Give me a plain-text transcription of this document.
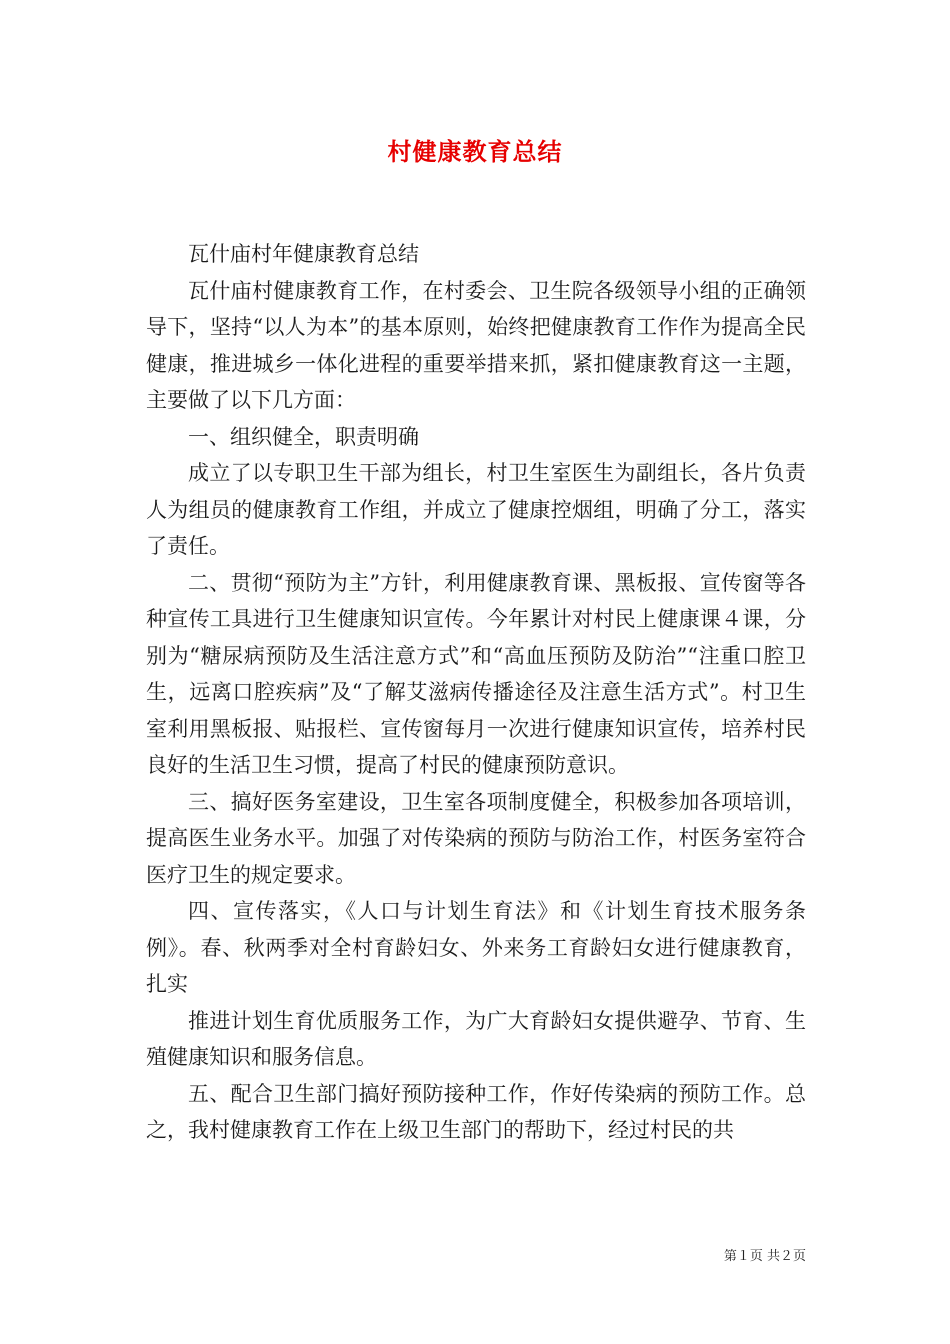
村健康教育总结

瓦什庙村年健康教育总结

瓦什庙村健康教育工作，在村委会、卫生院各级领导小组的正确领导下，坚持“以人为本”的基本原则，始终把健康教育工作作为提高全民健康，推进城乡一体化进程的重要举措来抓，紧扣健康教育这一主题，主要做了以下几方面：

一、组织健全，职责明确

成立了以专职卫生干部为组长，村卫生室医生为副组长，各片负责人为组员的健康教育工作组，并成立了健康控烟组，明确了分工，落实了责任。

二、贯彻“预防为主”方针，利用健康教育课、黑板报、宣传窗等各种宣传工具进行卫生健康知识宣传。今年累计对村民上健康课４课，分别为“糖尿病预防及生活注意方式”和“高血压预防及防治”“注重口腔卫生，远离口腔疾病”及“了解艾滋病传播途径及注意生活方式”。村卫生室利用黑板报、贴报栏、宣传窗每月一次进行健康知识宣传，培养村民良好的生活卫生习惯，提高了村民的健康预防意识。

三、搞好医务室建设，卫生室各项制度健全，积极参加各项培训，提高医生业务水平。加强了对传染病的预防与防治工作，村医务室符合医疗卫生的规定要求。

四、宣传落实，《人口与计划生育法》和《计划生育技术服务条例》。春、秋两季对全村育龄妇女、外来务工育龄妇女进行健康教育，扎实

推进计划生育优质服务工作，为广大育龄妇女提供避孕、节育、生殖健康知识和服务信息。

五、配合卫生部门搞好预防接种工作，作好传染病的预防工作。总之，我村健康教育工作在上级卫生部门的帮助下，经过村民的共

第１页 共２页
